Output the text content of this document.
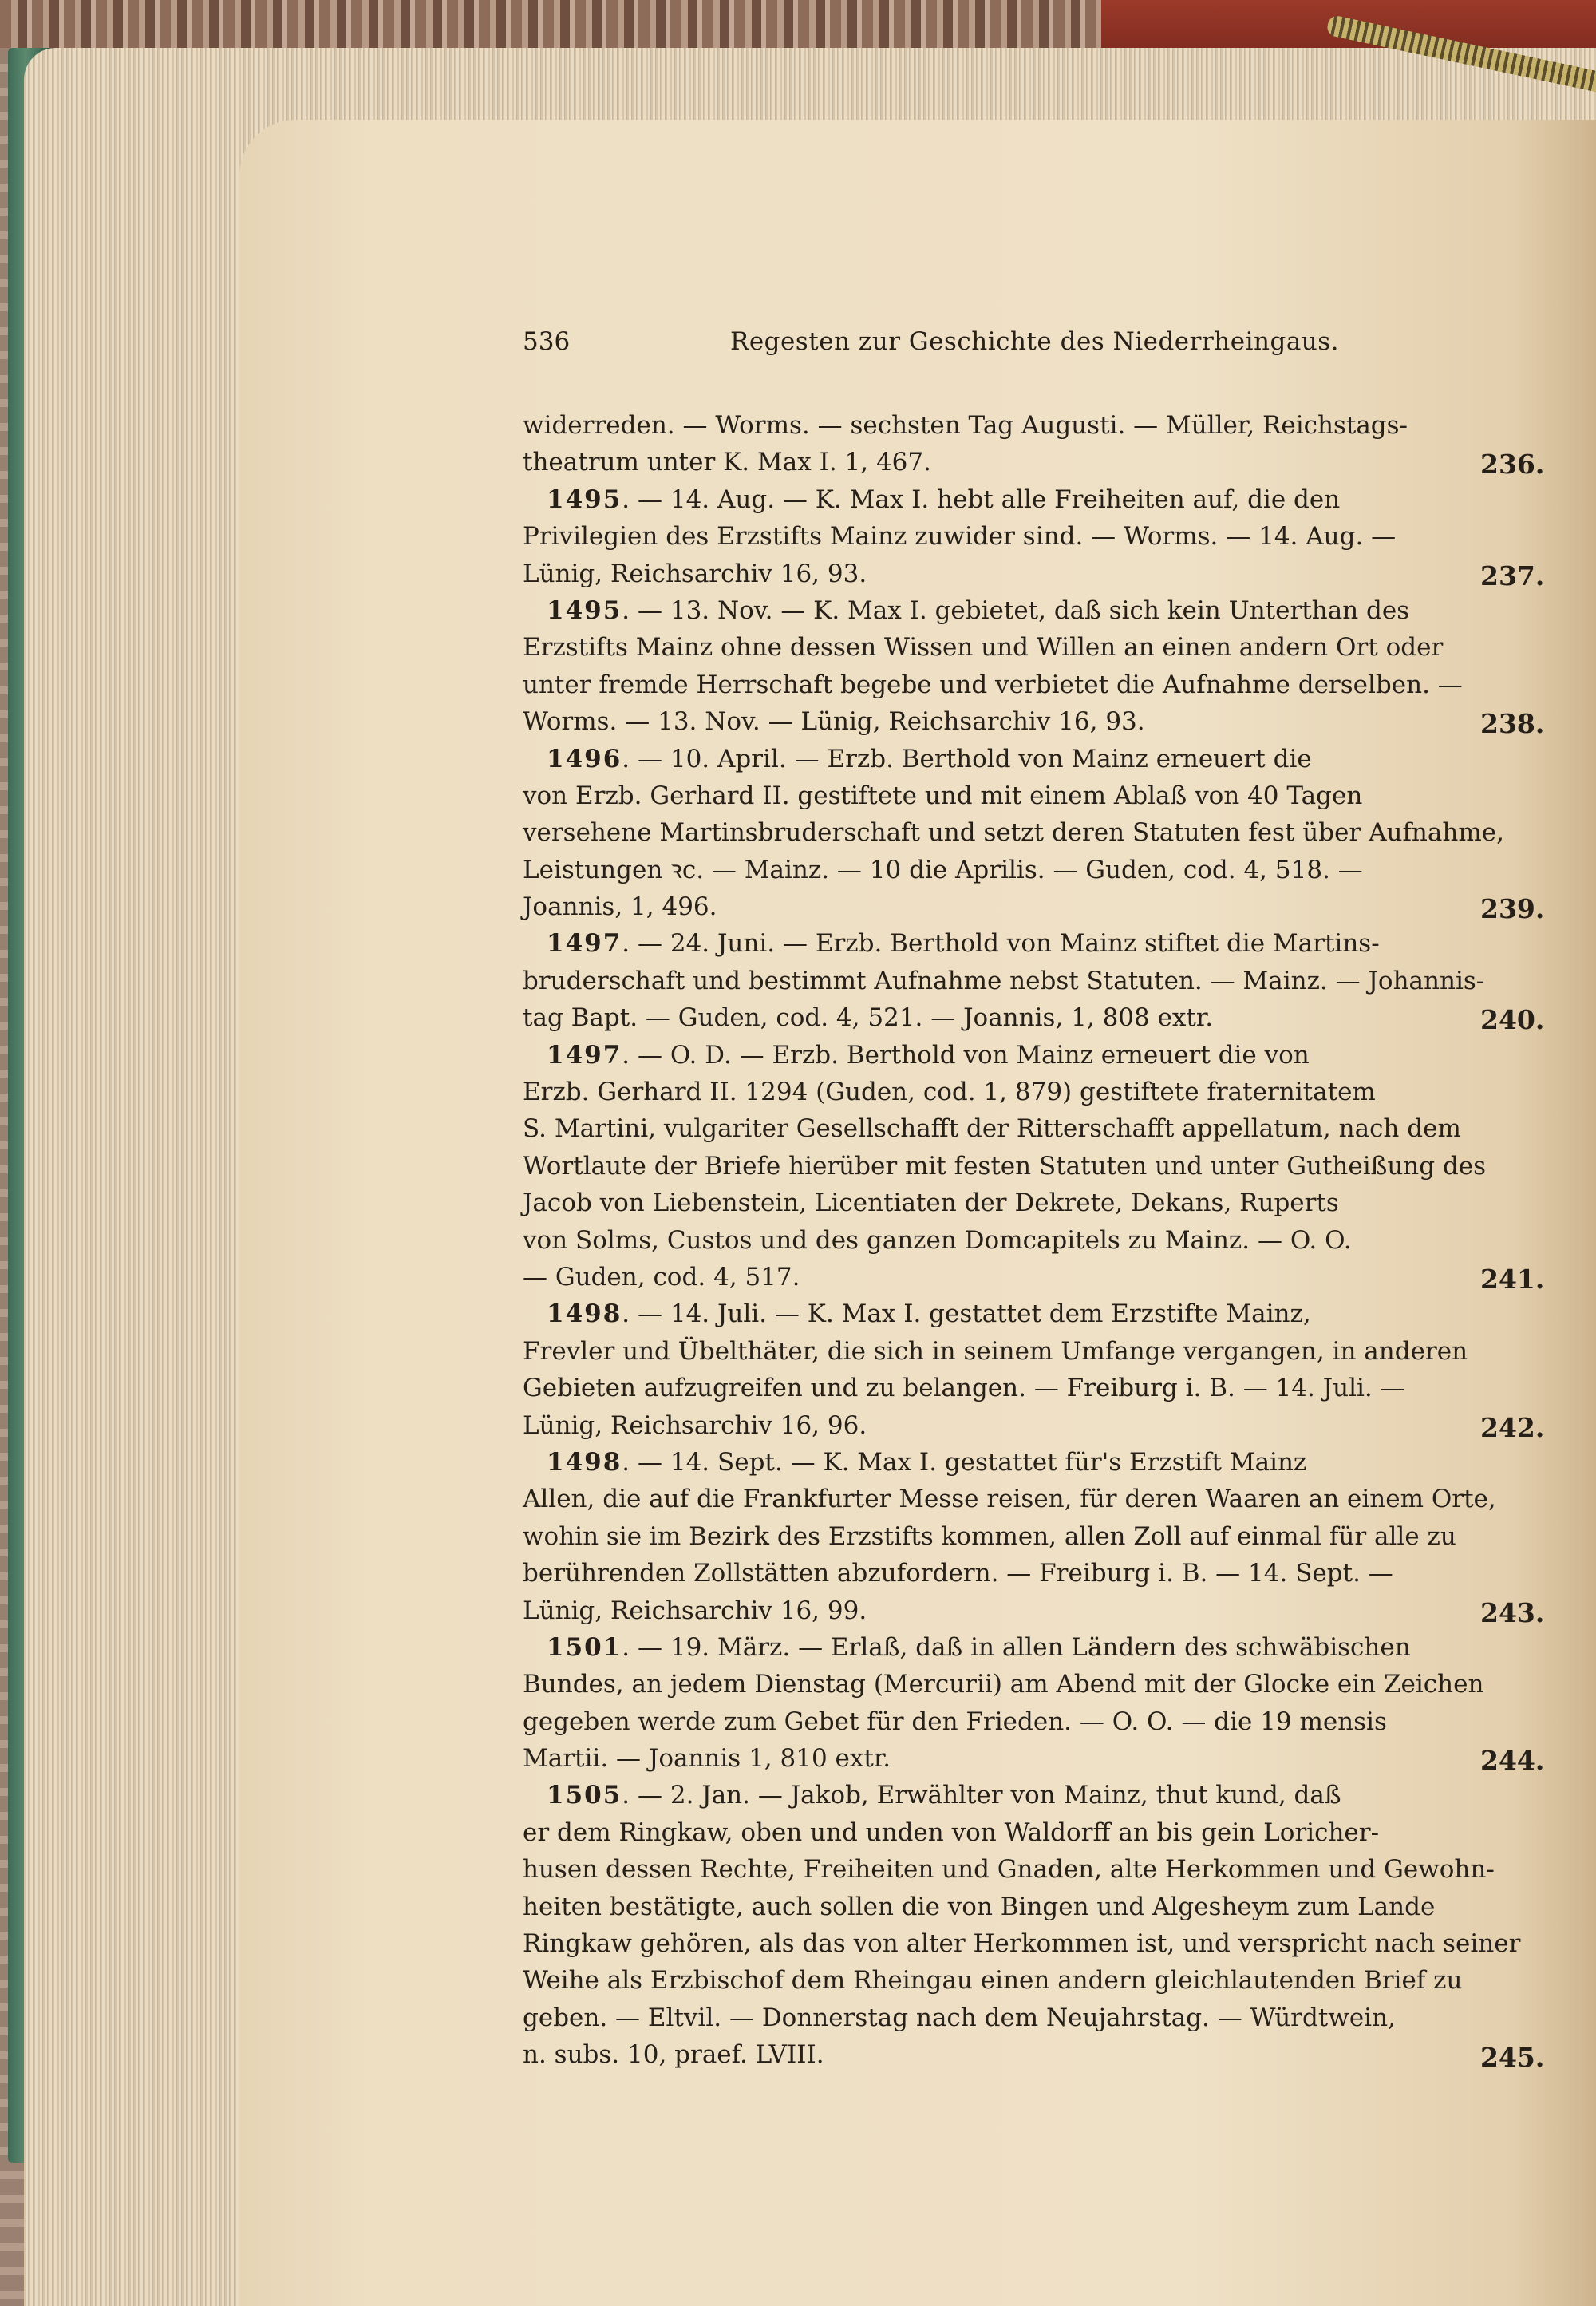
536	Regesten zur Geschichte des Niederrheingaus.
widerreden. — Worms. — sechsten Tag Augusti. — Müller, Reichstags-
theatrum unter K. Max I. 1, 467.
1495. — 14. Aug. — K. Max I. hebt alle Freiheiten auf, die den
Privilegien des Erzstifts Mainz zuwider sind. — Worms. — 14. Aug. —
Lünig, Reichsarchiv 16, 93.
1495. — 13. Nov. — K. Max I. gebietet, daß sich kein Unterthan des
Erzstifts Mainz ohne dessen Wissen und Willen an einen andern Ort oder
unter fremde Herrschaft begebe und verbietet die Aufnahme derselben. —
Worms. — 13. Nov. — Lünig, Reichsarchiv 16, 93.
1496. — 10. April. — Erzb. Berthold von Mainz erneuert die
von Erzb. Gerhard II. gestiftete und mit einem Ablaß von 40 Tagen
versehene Martinsbruderschaft und setzt deren Statuten fest über Aufnahme,
Leistungen ꝛc. — Mainz. — 10 die Aprilis. — Guden, cod. 4, 518. —
Joannis, 1, 496.
1497. — 24. Juni. — Erzb. Berthold von Mainz stiftet die Martins-
bruderschaft und bestimmt Aufnahme nebst Statuten. — Mainz. — Johannis-
tag Bapt. — Guden, cod. 4, 521. — Joannis, 1, 808 extr.
1497. — O. D. — Erzb. Berthold von Mainz erneuert die von
Erzb. Gerhard II. 1294 (Guden, cod. 1, 879) gestiftete fraternitatem
S. Martini, vulgariter Gesellschafft der Ritterschafft appellatum, nach dem
Wortlaute der Briefe hierüber mit festen Statuten und unter Gutheißung des
Jacob von Liebenstein, Licentiaten der Dekrete, Dekans, Ruperts
von Solms, Custos und des ganzen Domcapitels zu Mainz. — O. O.
— Guden, cod. 4, 517.
1498. — 14. Juli. — K. Max I. gestattet dem Erzstifte Mainz,
Frevler und Übelthäter, die sich in seinem Umfange vergangen, in anderen
Gebieten aufzugreifen und zu belangen. — Freiburg i. B. — 14. Juli. —
Lünig, Reichsarchiv 16, 96.
1498. — 14. Sept. — K. Max I. gestattet für's Erzstift Mainz
Allen, die auf die Frankfurter Messe reisen, für deren Waaren an einem Orte,
wohin sie im Bezirk des Erzstifts kommen, allen Zoll auf einmal für alle zu
berührenden Zollstätten abzufordern. — Freiburg i. B. — 14. Sept. —
Lünig, Reichsarchiv 16, 99.
1501. — 19. März. — Erlaß, daß in allen Ländern des schwäbischen
Bundes, an jedem Dienstag (Mercurii) am Abend mit der Glocke ein Zeichen
gegeben werde zum Gebet für den Frieden. — O. O. — die 19 mensis
Martii. — Joannis 1, 810 extr.
1505. — 2. Jan. — Jakob, Erwählter von Mainz, thut kund, daß
er dem Ringkaw, oben und unden von Waldorff an bis gein Loricher-
husen dessen Rechte, Freiheiten und Gnaden, alte Herkommen und Gewohn-
heiten bestätigte, auch sollen die von Bingen und Algesheym zum Lande
Ringkaw gehören, als das von alter Herkommen ist, und verspricht nach seiner
Weihe als Erzbischof dem Rheingau einen andern gleichlautenden Brief zu
geben. — Eltvil. — Donnerstag nach dem Neujahrstag. — Würdtwein,
n. subs. 10, praef. LVIII.
236.
237.
238.
239.
240.
241.
242.
243.
244.
245.
